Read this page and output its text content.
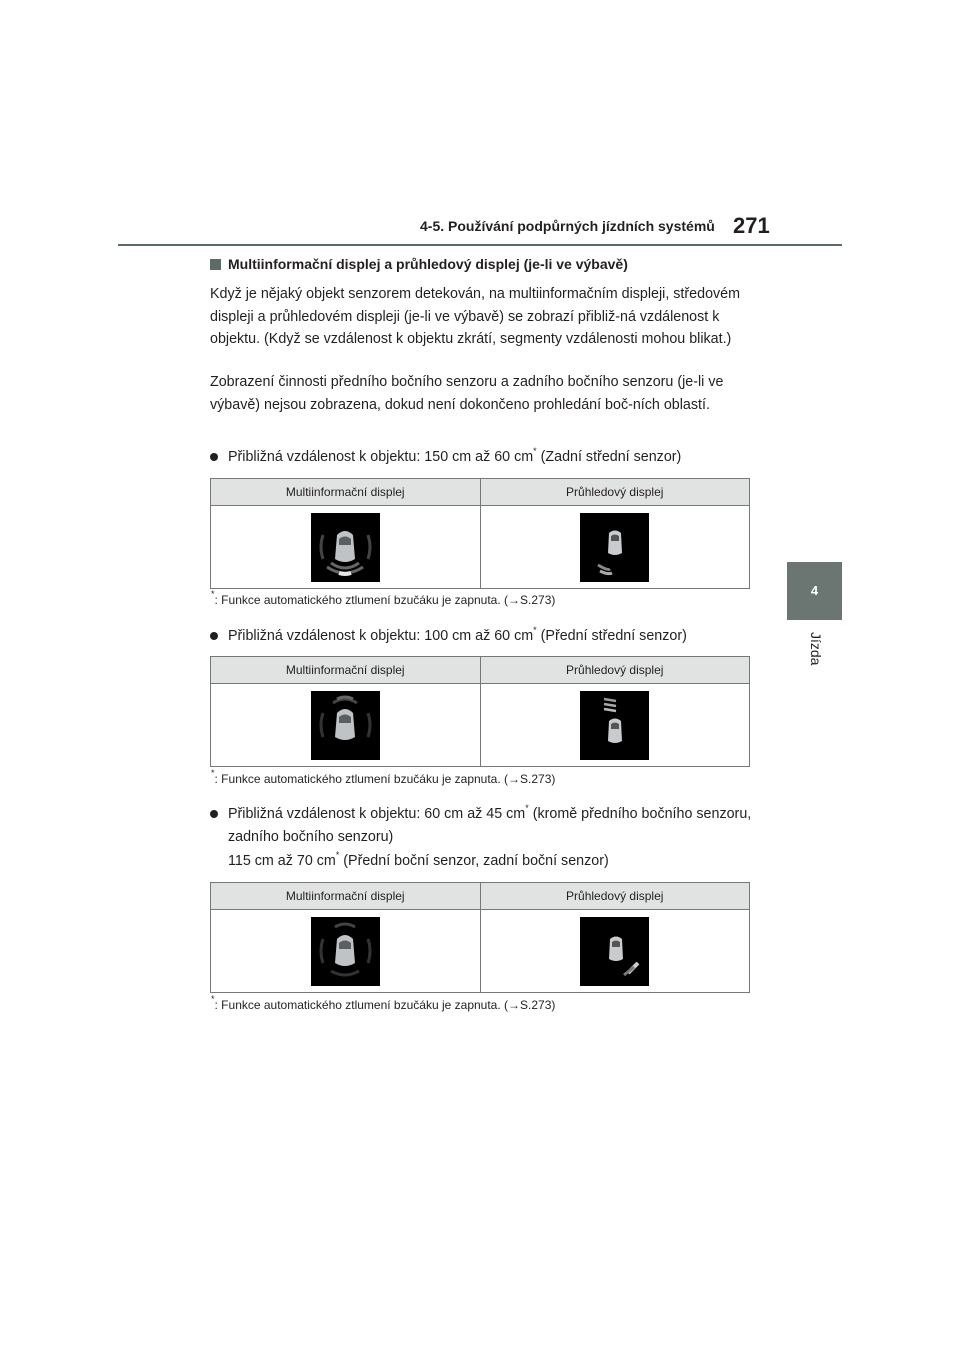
4-5. Používání podpůrných jízdních systémů 271
4
Jízda
Multiinformační displej a průhledový displej (je-li ve výbavě)
Když je nějaký objekt senzorem detekován, na multiinformačním displeji, středovém displeji a průhledovém displeji (je-li ve výbavě) se zobrazí přibliž-ná vzdálenost k objektu. (Když se vzdálenost k objektu zkrátí, segmenty vzdálenosti mohou blikat.)
Zobrazení činnosti předního bočního senzoru a zadního bočního senzoru (je-li ve výbavě) nejsou zobrazena, dokud není dokončeno prohledání boč-ních oblastí.
Přibližná vzdálenost k objektu: 150 cm až 60 cm* (Zadní střední senzor)
Multiinformační displej	Průhledový displej

*: Funkce automatického ztlumení bzučáku je zapnuta. (→S.273)
Přibližná vzdálenost k objektu: 100 cm až 60 cm* (Přední střední senzor)
Multiinformační displej	Průhledový displej

*: Funkce automatického ztlumení bzučáku je zapnuta. (→S.273)
Přibližná vzdálenost k objektu: 60 cm až 45 cm* (kromě předního bočního senzoru, zadního bočního senzoru)
115 cm až 70 cm* (Přední boční senzor, zadní boční senzor)
Multiinformační displej	Průhledový displej

*: Funkce automatického ztlumení bzučáku je zapnuta. (→S.273)
